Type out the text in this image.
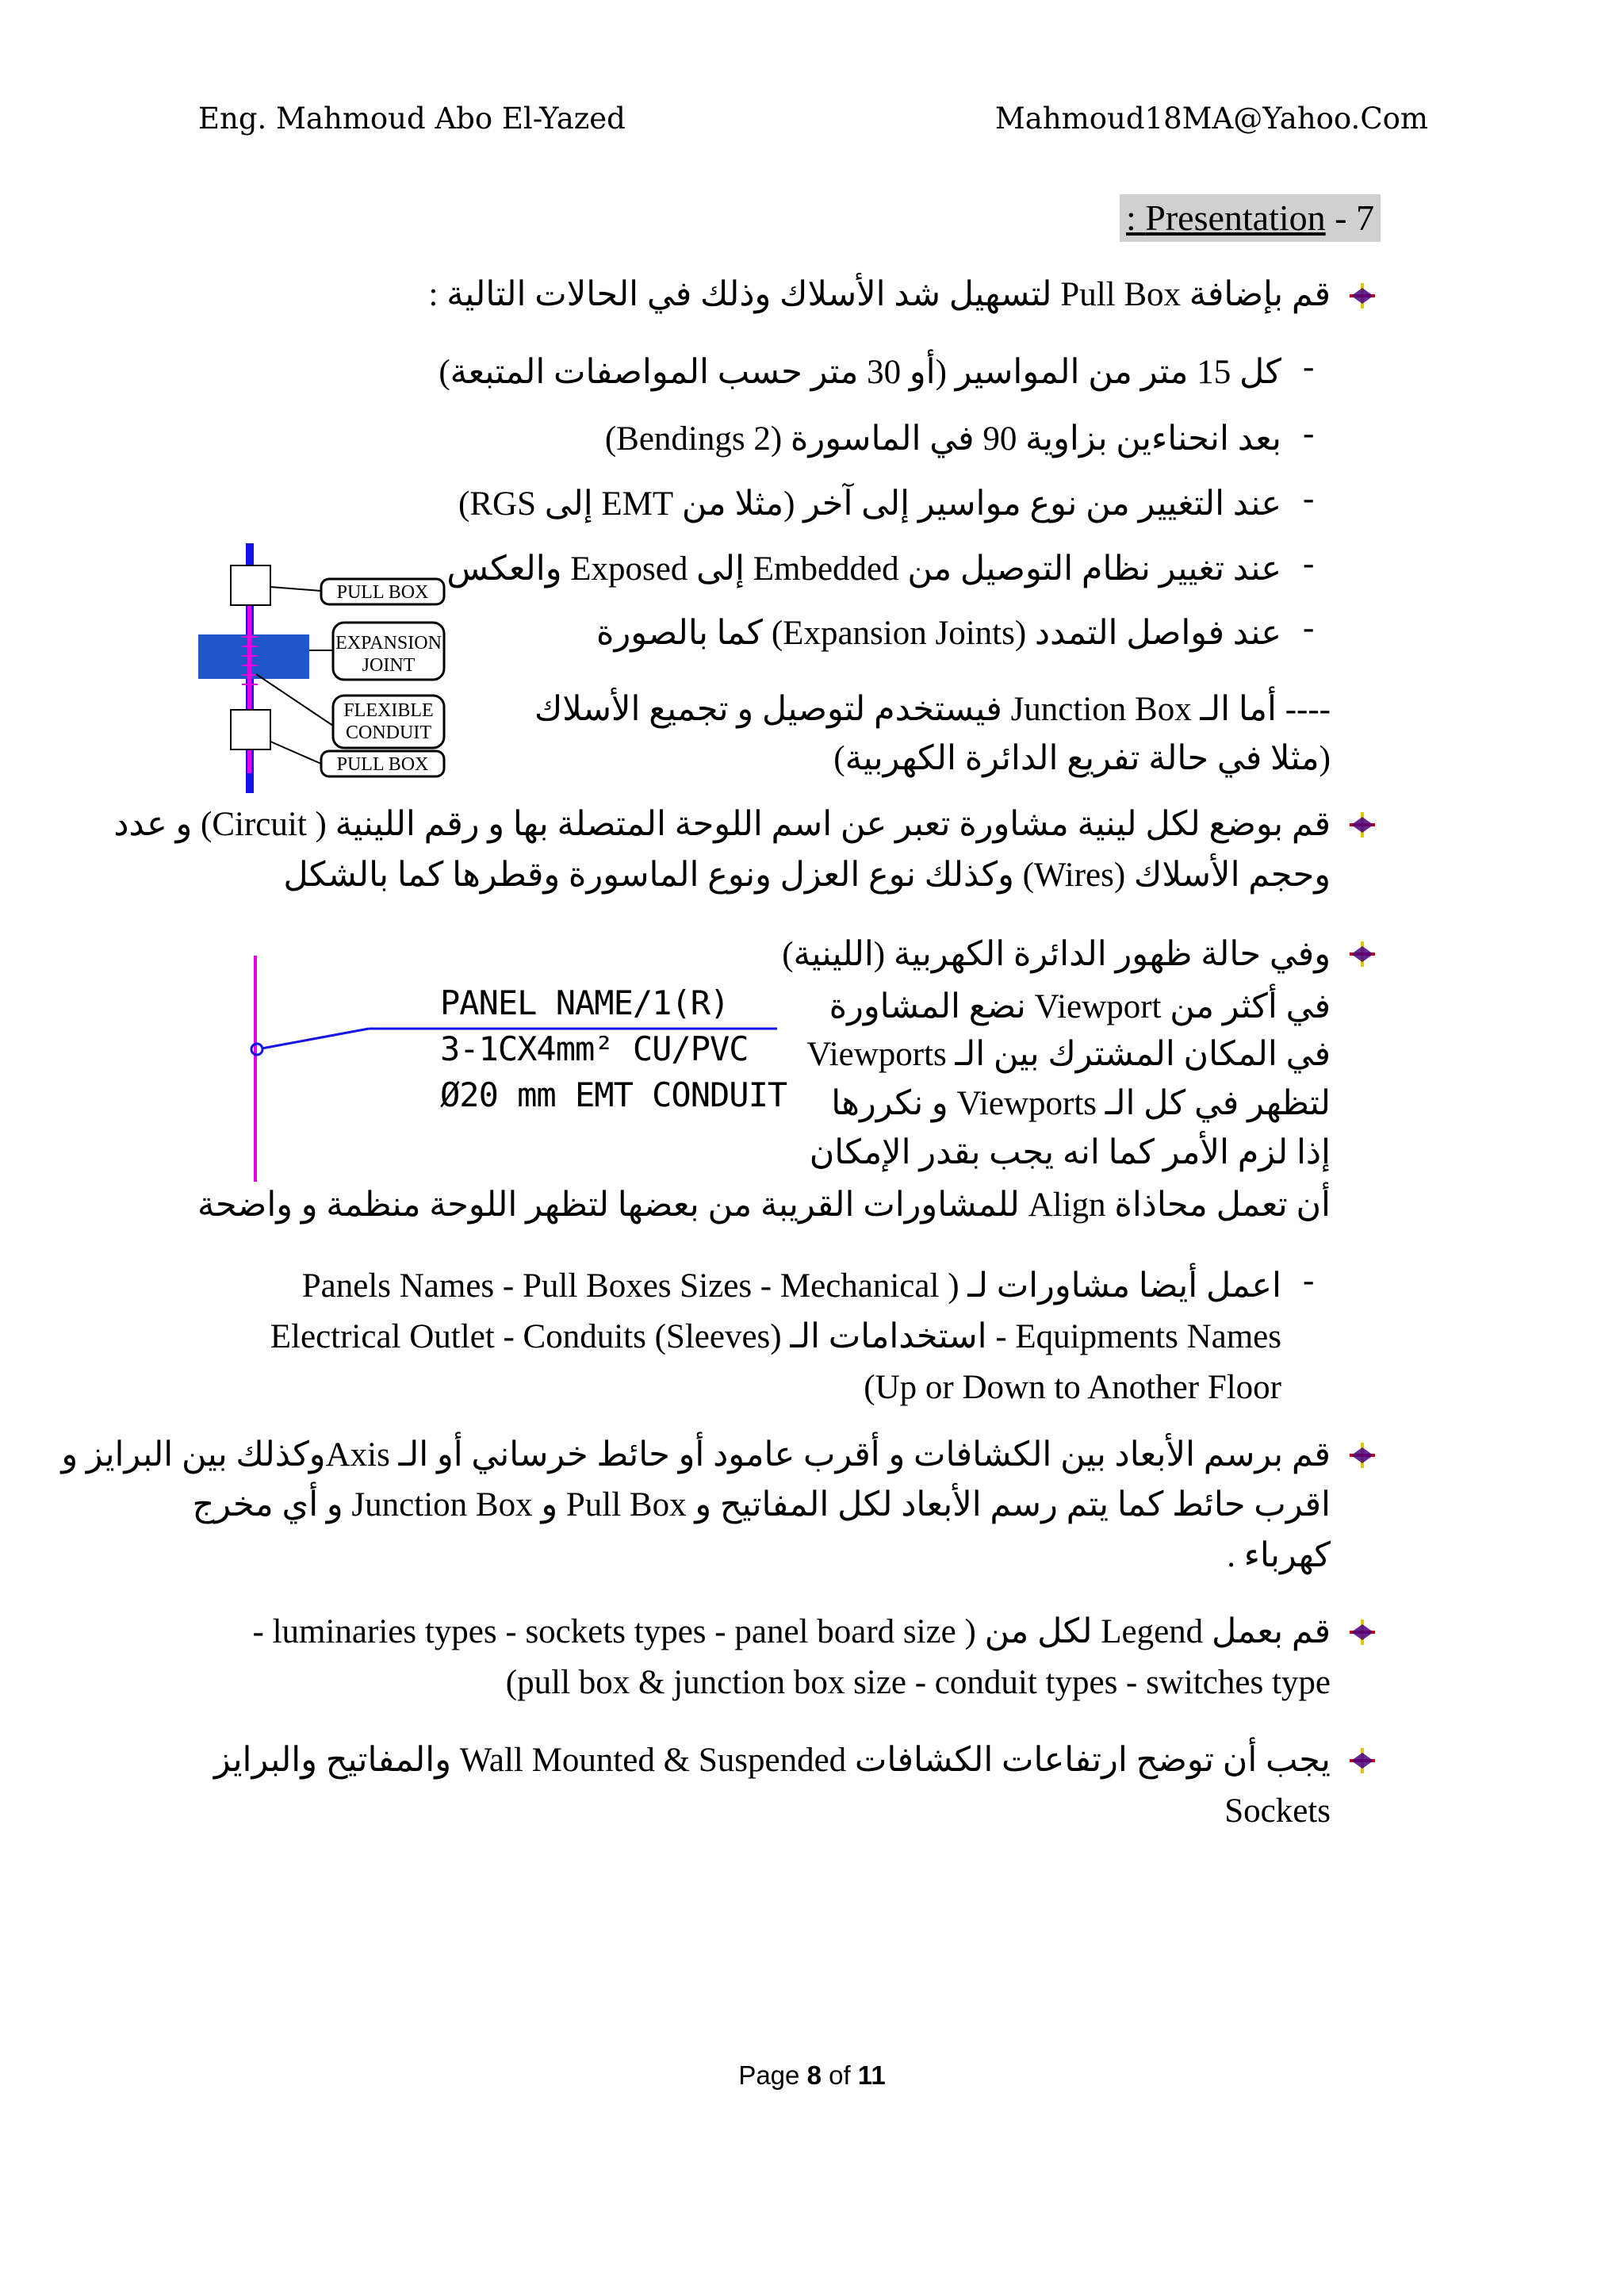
Eng. Mahmoud Abo El-Yazed	Mahmoud18MA@Yahoo.Com
: Presentation - 7
قم بإضافة Pull Box لتسهيل شد الأسلاك وذلك في الحالات التالية :
كل 15 متر من المواسير (أو 30 متر حسب المواصفات المتبعة) -
بعد انحناءين بزاوية 90 في الماسورة (2 Bendings) -
عند التغيير من نوع مواسير إلى آخر (مثلا من EMT إلى RGS) -
عند تغيير نظام التوصيل من Embedded إلى Exposed والعكس -
عند فواصل التمدد (Expansion Joints) كما بالصورة -
PULL BOX
EXPANSION JOINT
FLEXIBLE CONDUIT
PULL BOX
---- أما الـ Junction Box فيستخدم لتوصيل و تجميع الأسلاك
(مثلا في حالة تفريع الدائرة الكهربية)
قم بوضع لكل لينية مشاورة تعبر عن اسم اللوحة المتصلة بها و رقم اللينية ( Circuit) و عدد
وحجم الأسلاك (Wires) وكذلك نوع العزل ونوع الماسورة وقطرها كما بالشكل
وفي حالة ظهور الدائرة الكهربية (اللينية)
في أكثر من Viewport نضع المشاورة
في المكان المشترك بين الـ Viewports
لتظهر في كل الـ Viewports و نكررها
إذا لزم الأمر كما انه يجب بقدر الإمكان
أن تعمل محاذاة Align للمشاورات القريبة من بعضها لتظهر اللوحة منظمة و واضحة
PANEL NAME/1(R)
3-1CX4mm² CU/PVC
Ø20 mm EMT CONDUIT
-
اعمل أيضا مشاورات لـ ( Panels Names - Pull Boxes Sizes - Mechanical
Equipments Names - استخدامات الـ Electrical Outlet - Conduits (Sleeves)
Up or Down to Another Floor)
قم برسم الأبعاد بين الكشافات و أقرب عامود أو حائط خرساني أو الـ Axisوكذلك بين البرايز و
اقرب حائط كما يتم رسم الأبعاد لكل المفاتيح و Pull Box و Junction Box و أي مخرج
كهرباء .
قم بعمل Legend لكل من ( luminaries types - sockets types - panel board size -
pull box & junction box size - conduit types - switches type)
يجب أن توضح ارتفاعات الكشافات Wall Mounted & Suspended والمفاتيح والبرايز
Sockets
Page 8 of 11
